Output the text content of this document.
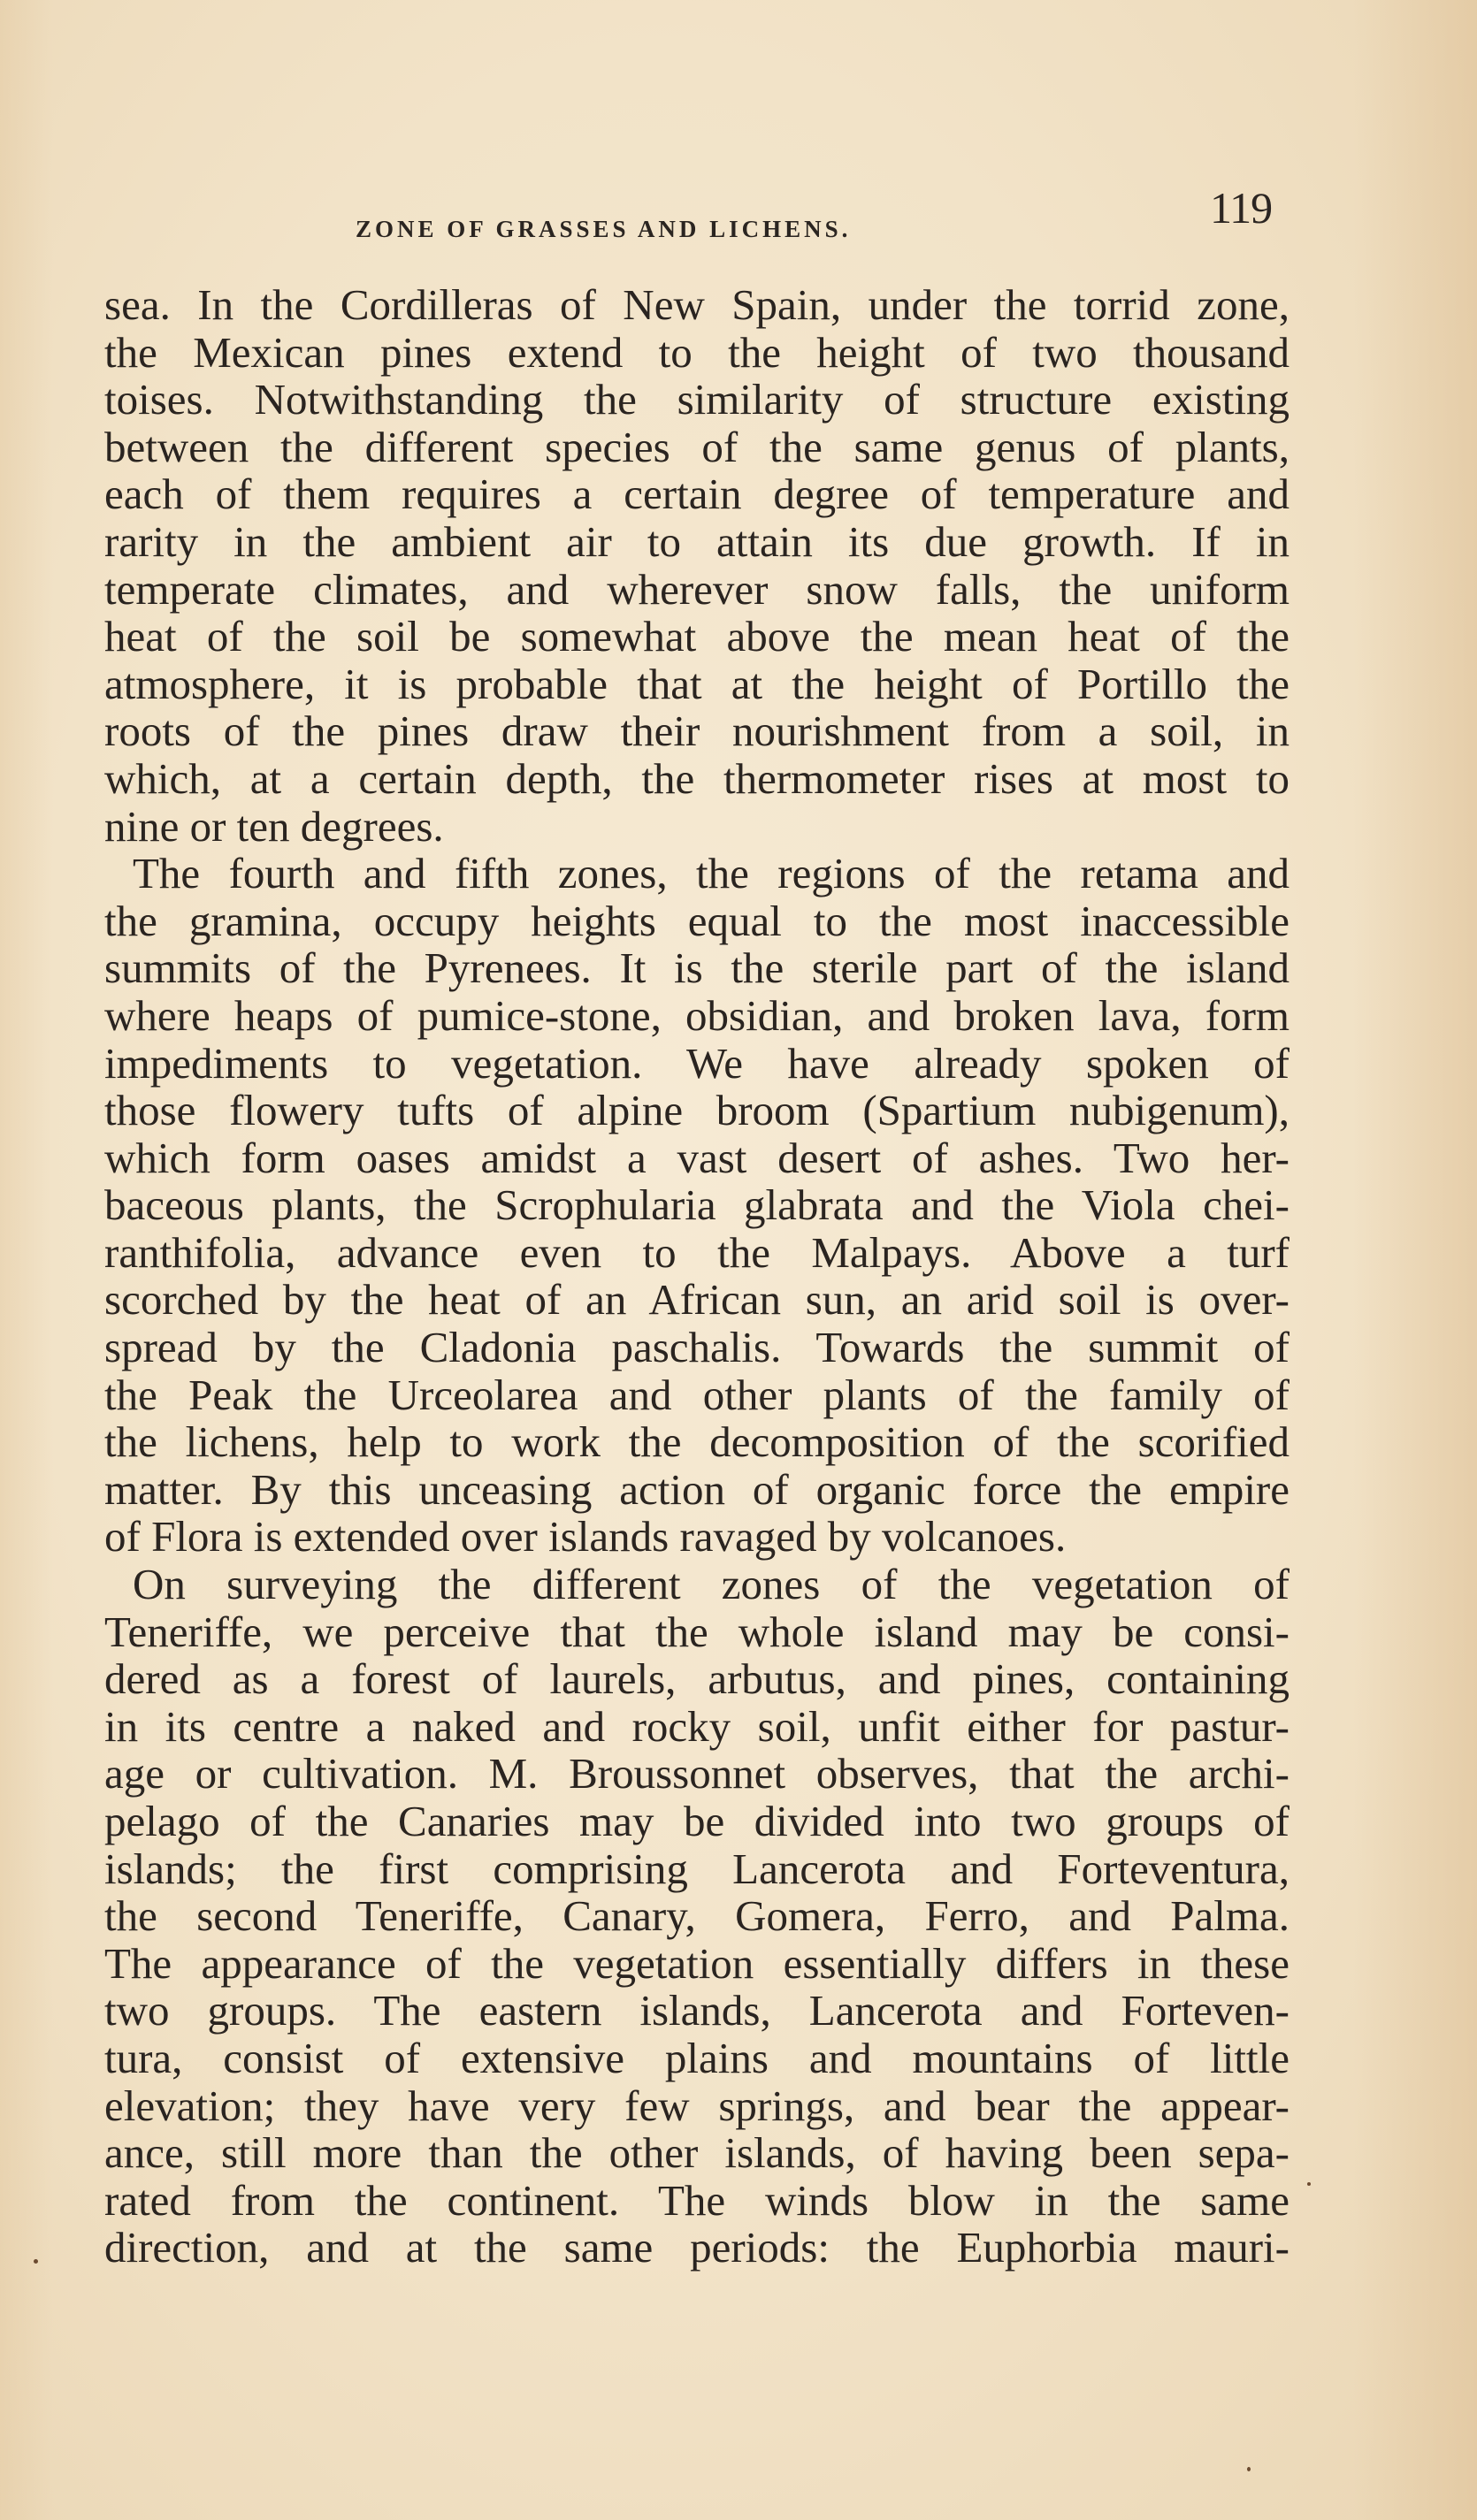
ZONE OF GRASSES AND LICHENS.	119
sea. In the Cordilleras of New Spain, under the torrid zone,
the Mexican pines extend to the height of two thousand
toises. Notwithstanding the similarity of structure existing
between the different species of the same genus of plants,
each of them requires a certain degree of temperature and
rarity in the ambient air to attain its due growth. If in
temperate climates, and wherever snow falls, the uniform
heat of the soil be somewhat above the mean heat of the
atmosphere, it is probable that at the height of Portillo the
roots of the pines draw their nourishment from a soil, in
which, at a certain depth, the thermometer rises at most to
nine or ten degrees.
The fourth and fifth zones, the regions of the retama and
the gramina, occupy heights equal to the most inaccessible
summits of the Pyrenees. It is the sterile part of the island
where heaps of pumice-stone, obsidian, and broken lava, form
impediments to vegetation. We have already spoken of
those flowery tufts of alpine broom (Spartium nubigenum),
which form oases amidst a vast desert of ashes. Two her-
baceous plants, the Scrophularia glabrata and the Viola chei-
ranthifolia, advance even to the Malpays. Above a turf
scorched by the heat of an African sun, an arid soil is over-
spread by the Cladonia paschalis. Towards the summit of
the Peak the Urceolarea and other plants of the family of
the lichens, help to work the decomposition of the scorified
matter. By this unceasing action of organic force the empire
of Flora is extended over islands ravaged by volcanoes.
On surveying the different zones of the vegetation of
Teneriffe, we perceive that the whole island may be consi-
dered as a forest of laurels, arbutus, and pines, containing
in its centre a naked and rocky soil, unfit either for pastur-
age or cultivation. M. Broussonnet observes, that the archi-
pelago of the Canaries may be divided into two groups of
islands; the first comprising Lancerota and Forteventura,
the second Teneriffe, Canary, Gomera, Ferro, and Palma.
The appearance of the vegetation essentially differs in these
two groups. The eastern islands, Lancerota and Forteven-
tura, consist of extensive plains and mountains of little
elevation; they have very few springs, and bear the appear-
ance, still more than the other islands, of having been sepa-
rated from the continent. The winds blow in the same
direction, and at the same periods: the Euphorbia mauri-
